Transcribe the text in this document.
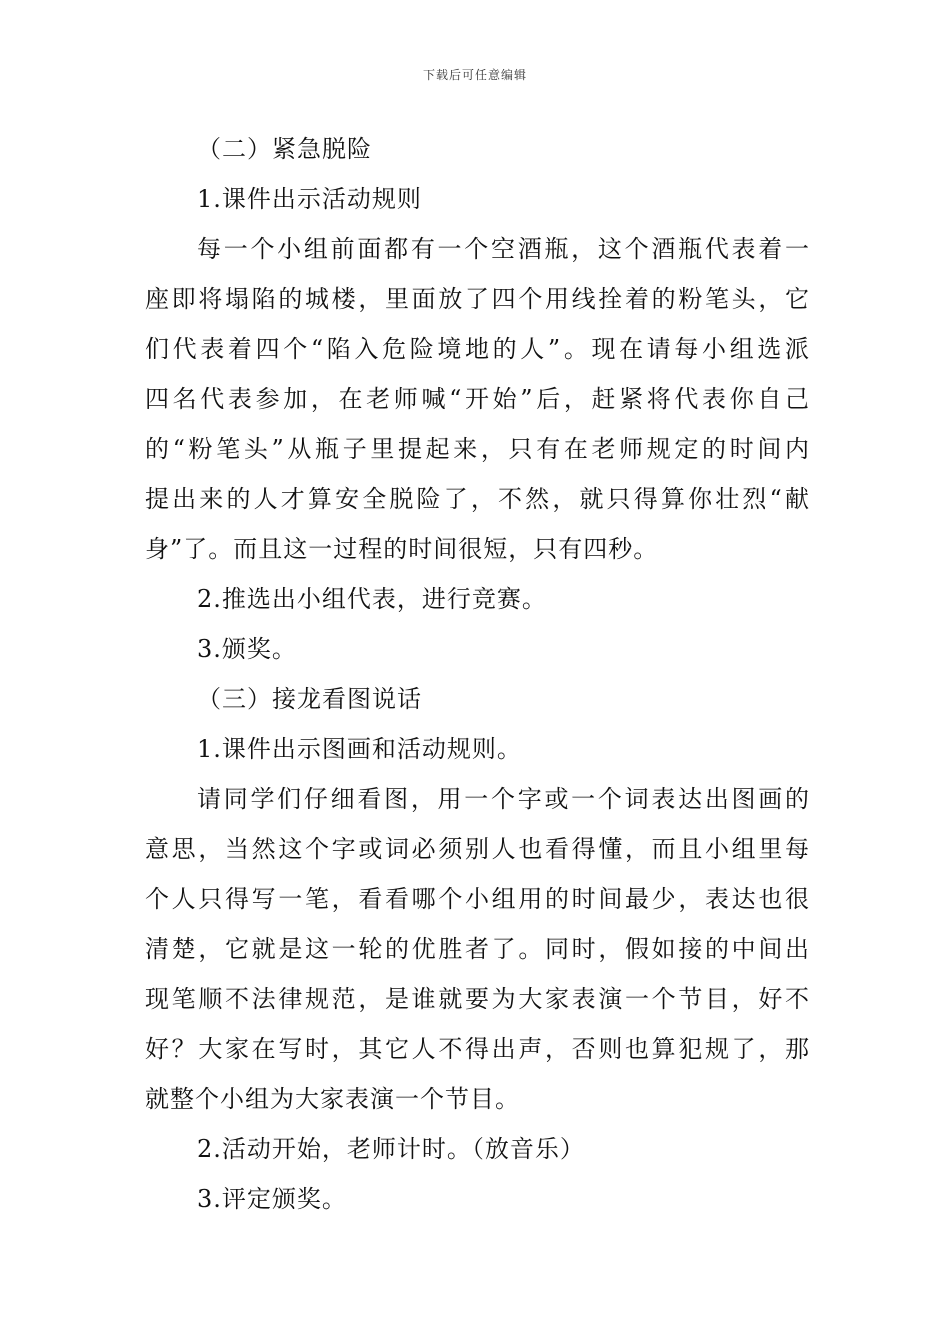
下载后可任意编辑
（二）紧急脱险
1.课件出示活动规则
每一个小组前面都有一个空酒瓶，这个酒瓶代表着一
座即将塌陷的城楼，里面放了四个用线拴着的粉笔头，它
们代表着四个“陷入危险境地的人”。现在请每小组选派
四名代表参加，在老师喊“开始”后，赶紧将代表你自己
的“粉笔头”从瓶子里提起来，只有在老师规定的时间内
提出来的人才算安全脱险了，不然，就只得算你壮烈“献
身”了。而且这一过程的时间很短，只有四秒。
2.推选出小组代表，进行竞赛。
3.颁奖。
（三）接龙看图说话
1.课件出示图画和活动规则。
请同学们仔细看图，用一个字或一个词表达出图画的
意思，当然这个字或词必须别人也看得懂，而且小组里每
个人只得写一笔，看看哪个小组用的时间最少，表达也很
清楚，它就是这一轮的优胜者了。同时，假如接的中间出
现笔顺不法律规范，是谁就要为大家表演一个节目，好不
好？大家在写时，其它人不得出声，否则也算犯规了，那
就整个小组为大家表演一个节目。
2.活动开始，老师计时。（放音乐）
3.评定颁奖。
